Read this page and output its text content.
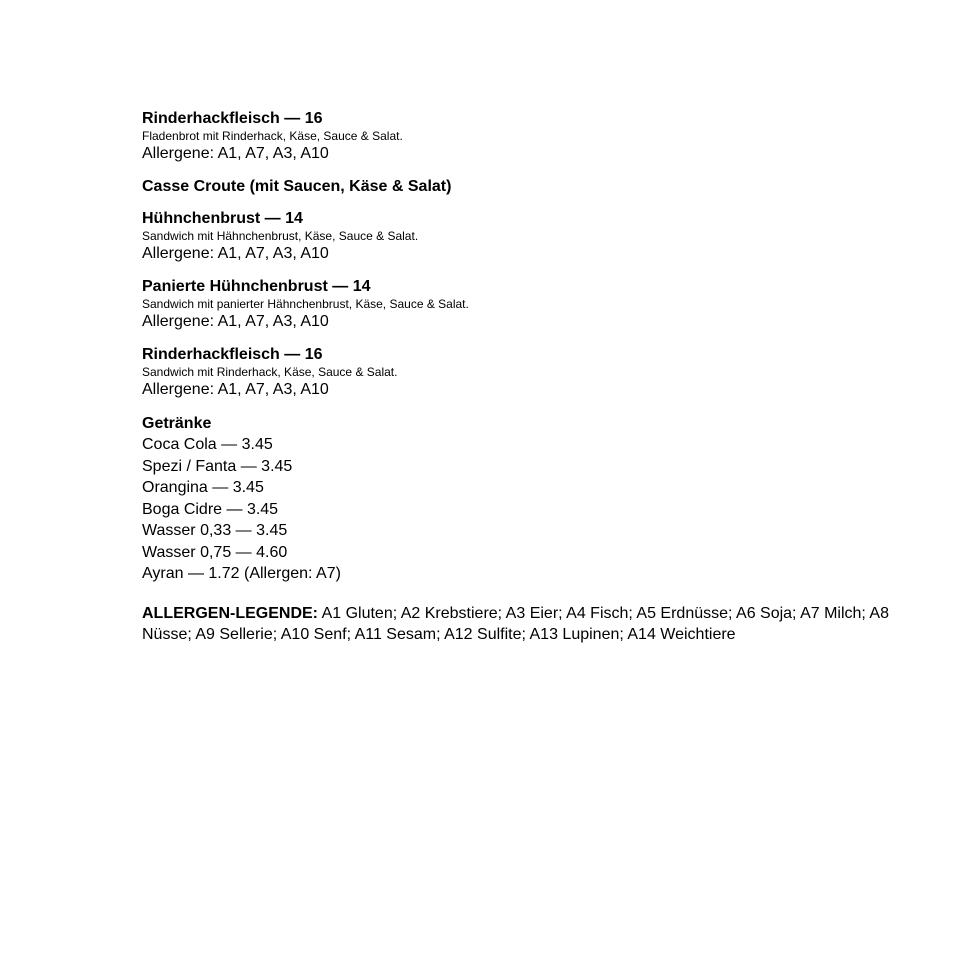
Rinderhackfleisch — 16

Fladenbrot mit Rinderhack, Käse, Sauce & Salat.

Allergene: A1, A7, A3, A10

Casse Croute (mit Saucen, Käse & Salat)

Hühnchenbrust — 14

Sandwich mit Hähnchenbrust, Käse, Sauce & Salat.

Allergene: A1, A7, A3, A10

Panierte Hühnchenbrust — 14

Sandwich mit panierter Hähnchenbrust, Käse, Sauce & Salat.

Allergene: A1, A7, A3, A10

Rinderhackfleisch — 16

Sandwich mit Rinderhack, Käse, Sauce & Salat.

Allergene: A1, A7, A3, A10

Getränke

Coca Cola — 3.45

Spezi / Fanta — 3.45

Orangina — 3.45

Boga Cidre — 3.45

Wasser 0,33 — 3.45

Wasser 0,75 — 4.60

Ayran — 1.72 (Allergen: A7)

ALLERGEN-LEGENDE: A1 Gluten; A2 Krebstiere; A3 Eier; A4 Fisch; A5 Erdnüsse; A6 Soja; A7 Milch; A8 Nüsse; A9 Sellerie; A10 Senf; A11 Sesam; A12 Sulfite; A13 Lupinen; A14 Weichtiere
